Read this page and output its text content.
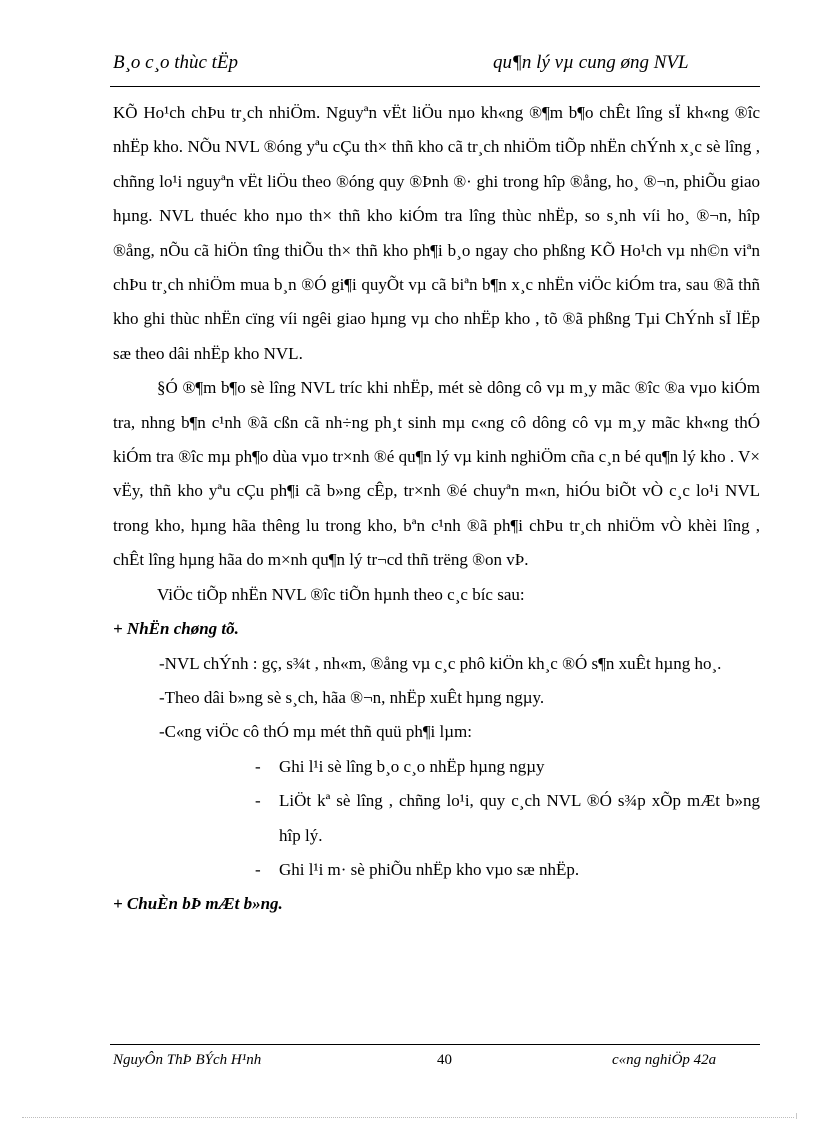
B¸o c¸o thùc tËp	qu¶n lý vµ cung øng NVL

KÕ Ho¹ch chÞu tr¸ch nhiÖm. Nguyªn vËt liÖu nµo kh«ng ®¶m b¶o chÊt lîng sÏ kh«ng ®îc nhËp kho. NÕu NVL ®óng yªu cÇu th× thñ kho cã tr¸ch nhiÖm tiÕp nhËn chÝnh x¸c sè lîng , chñng lo¹i nguyªn vËt liÖu theo ®óng quy ®Þnh ®· ghi trong hîp ®ång, ho¸ ®¬n, phiÕu giao hµng. NVL thuéc kho nµo th× thñ kho kiÓm tra lîng thùc nhËp, so s¸nh víi ho¸ ®¬n, hîp ®ång, nÕu cã hiÖn tîng thiÕu th× thñ kho ph¶i b¸o ngay cho phßng KÕ Ho¹ch vµ nh©n viªn chÞu tr¸ch nhiÖm mua b¸n ®Ó gi¶i quyÕt vµ cã biªn b¶n x¸c nhËn viÖc kiÓm tra, sau ®ã thñ kho ghi thùc nhËn cïng víi ngêi giao hµng vµ cho nhËp kho , tõ ®ã phßng Tµi ChÝnh sÏ lËp sæ theo dâi nhËp kho NVL.

§Ó ®¶m b¶o sè lîng NVL tríc khi nhËp, mét sè dông cô vµ m¸y mãc ®îc ®a vµo kiÓm tra, nhng b¶n c¹nh ®ã cßn cã nh÷ng ph¸t sinh mµ c«ng cô dông cô vµ m¸y mãc kh«ng thÓ kiÓm tra ®îc mµ ph¶o dùa vµo tr×nh ®é qu¶n lý vµ kinh nghiÖm cña c¸n bé qu¶n lý kho . V× vËy, thñ kho yªu cÇu ph¶i cã b»ng cÊp, tr×nh ®é chuyªn m«n, hiÓu biÕt vÒ c¸c lo¹i NVL trong kho, hµng hãa thêng lu trong kho, bªn c¹nh ®ã ph¶i chÞu tr¸ch nhiÖm vÒ khèi lîng , chÊt lîng hµng hãa do m×nh qu¶n lý tr¬cd thñ trëng ®on vÞ.

ViÖc tiÕp nhËn NVL ®îc tiÕn hµnh theo c¸c bíc sau:

+ NhËn chøng tõ.

-NVL chÝnh : gç, s¾t , nh«m, ®ång vµ c¸c phô kiÖn kh¸c ®Ó s¶n xuÊt hµng ho¸.

-Theo dâi b»ng sè s¸ch, hãa ®¬n, nhËp xuÊt hµng ngµy.

-C«ng viÖc cô thÓ mµ mét thñ quü ph¶i lµm:

-	Ghi l¹i sè lîng b¸o c¸o nhËp hµng ngµy
-	LiÖt kª sè lîng , chñng lo¹i, quy c¸ch NVL ®Ó s¾p xÕp mÆt b»ng hîp lý.
-	Ghi l¹i m· sè phiÕu nhËp kho vµo sæ nhËp.

+ ChuÈn bÞ mÆt b»ng.

NguyÔn ThÞ BÝch H¹nh	40	c«ng nghiÖp 42a
